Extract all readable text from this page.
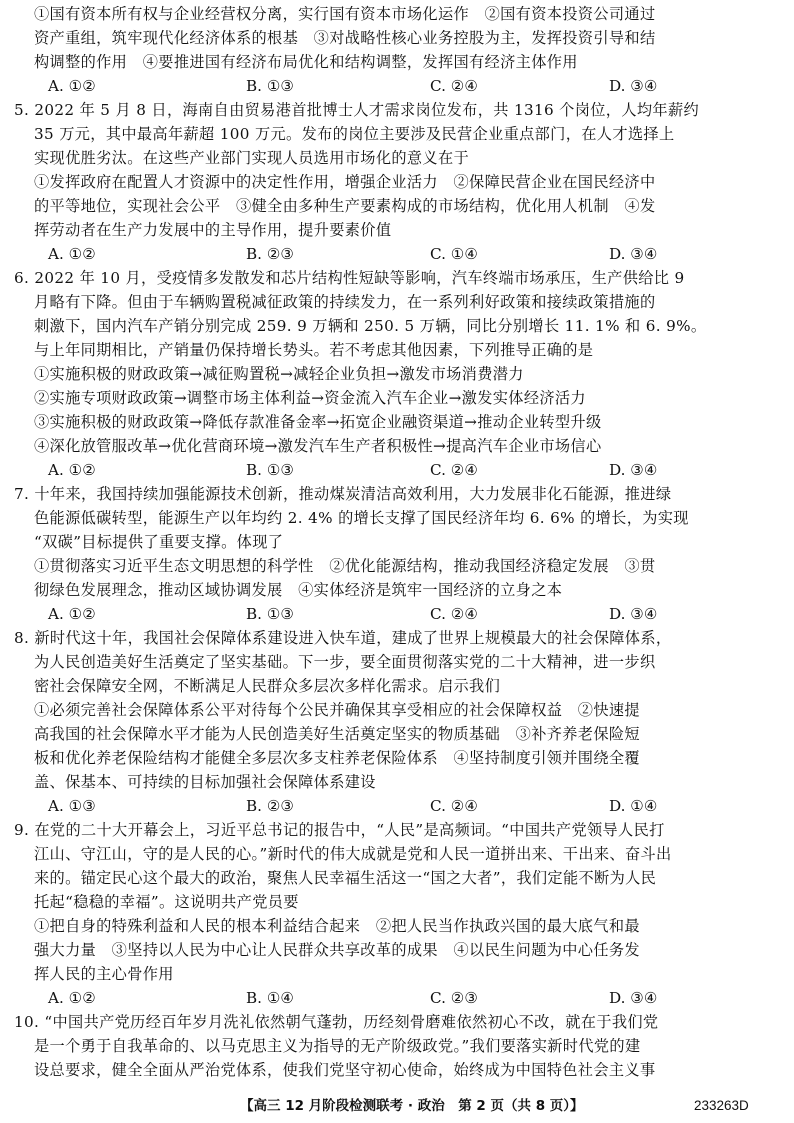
①国有资本所有权与企业经营权分离，实行国有资本市场化运作　②国有资本投资公司通过
资产重组，筑牢现代化经济体系的根基　③对战略性核心业务控股为主，发挥投资引导和结
构调整的作用　④要推进国有经济布局优化和结构调整，发挥国有经济主体作用
A. ①②	B. ①③	C. ②④	D. ③④
5. 2022 年 5 月 8 日，海南自由贸易港首批博士人才需求岗位发布，共 1316 个岗位，人均年薪约
35 万元，其中最高年薪超 100 万元。发布的岗位主要涉及民营企业重点部门，在人才选择上
实现优胜劣汰。在这些产业部门实现人员选用市场化的意义在于
①发挥政府在配置人才资源中的决定性作用，增强企业活力　②保障民营企业在国民经济中
的平等地位，实现社会公平　③健全由多种生产要素构成的市场结构，优化用人机制　④发
挥劳动者在生产力发展中的主导作用，提升要素价值
A. ①②	B. ②③	C. ①④	D. ③④
6. 2022 年 10 月，受疫情多发散发和芯片结构性短缺等影响，汽车终端市场承压，生产供给比 9
月略有下降。但由于车辆购置税减征政策的持续发力，在一系列利好政策和接续政策措施的
刺激下，国内汽车产销分别完成 259. 9 万辆和 250. 5 万辆，同比分别增长 11. 1% 和 6. 9%。
与上年同期相比，产销量仍保持增长势头。若不考虑其他因素，下列推导正确的是
①实施积极的财政政策→减征购置税→减轻企业负担→激发市场消费潜力
②实施专项财政政策→调整市场主体利益→资金流入汽车企业→激发实体经济活力
③实施积极的财政政策→降低存款准备金率→拓宽企业融资渠道→推动企业转型升级
④深化放管服改革→优化营商环境→激发汽车生产者积极性→提高汽车企业市场信心
A. ①②	B. ①③	C. ②④	D. ③④
7. 十年来，我国持续加强能源技术创新，推动煤炭清洁高效利用，大力发展非化石能源，推进绿
色能源低碳转型，能源生产以年均约 2. 4% 的增长支撑了国民经济年均 6. 6% 的增长，为实现
“双碳”目标提供了重要支撑。体现了
①贯彻落实习近平生态文明思想的科学性　②优化能源结构，推动我国经济稳定发展　③贯
彻绿色发展理念，推动区域协调发展　④实体经济是筑牢一国经济的立身之本
A. ①②	B. ①③	C. ②④	D. ③④
8. 新时代这十年，我国社会保障体系建设进入快车道，建成了世界上规模最大的社会保障体系，
为人民创造美好生活奠定了坚实基础。下一步，要全面贯彻落实党的二十大精神，进一步织
密社会保障安全网，不断满足人民群众多层次多样化需求。启示我们
①必须完善社会保障体系公平对待每个公民并确保其享受相应的社会保障权益　②快速提
高我国的社会保障水平才能为人民创造美好生活奠定坚实的物质基础　③补齐养老保险短
板和优化养老保险结构才能健全多层次多支柱养老保险体系　④坚持制度引领并围绕全覆
盖、保基本、可持续的目标加强社会保障体系建设
A. ①③	B. ②③	C. ②④	D. ①④
9. 在党的二十大开幕会上，习近平总书记的报告中，“人民”是高频词。“中国共产党领导人民打
江山、守江山，守的是人民的心。”新时代的伟大成就是党和人民一道拼出来、干出来、奋斗出
来的。锚定民心这个最大的政治，聚焦人民幸福生活这一“国之大者”，我们定能不断为人民
托起“稳稳的幸福”。这说明共产党员要
①把自身的特殊利益和人民的根本利益结合起来　②把人民当作执政兴国的最大底气和最
强大力量　③坚持以人民为中心让人民群众共享改革的成果　④以民生问题为中心任务发
挥人民的主心骨作用
A. ①②	B. ①④	C. ②③	D. ③④
10. “中国共产党历经百年岁月洗礼依然朝气蓬勃，历经刻骨磨难依然初心不改，就在于我们党
是一个勇于自我革命的、以马克思主义为指导的无产阶级政党。”我们要落实新时代党的建
设总要求，健全全面从严治党体系，使我们党坚守初心使命，始终成为中国特色社会主义事
【高三 12 月阶段检测联考 · 政治　第 2 页（共 8 页）】	233263D
